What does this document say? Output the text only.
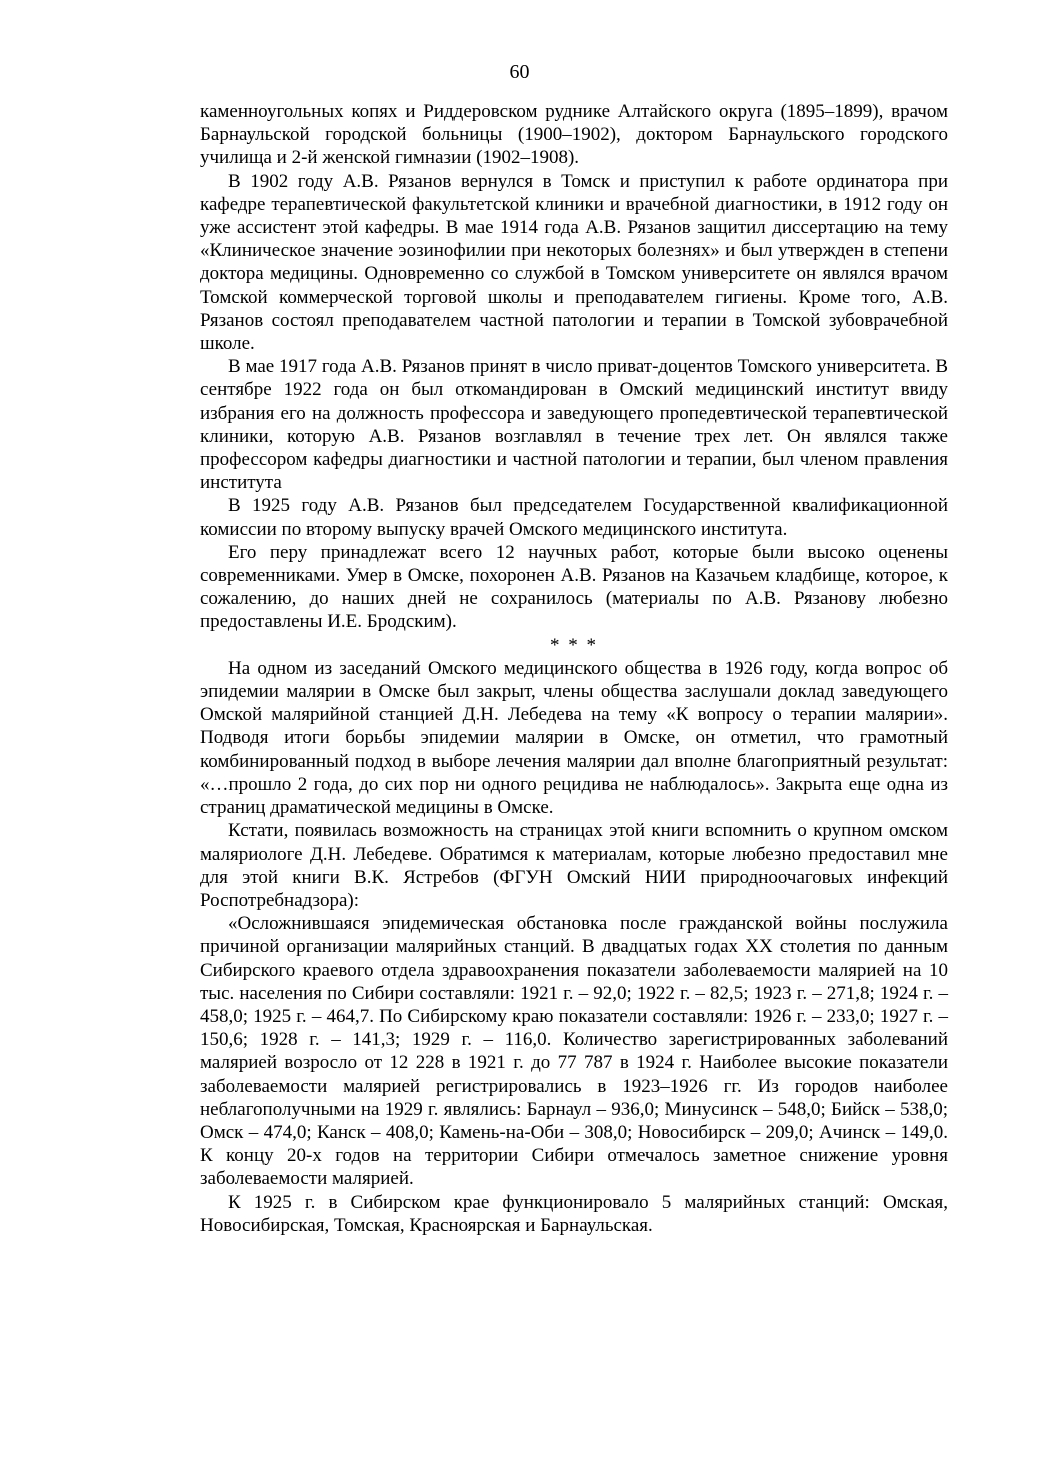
60

каменноугольных копях и Риддеровском руднике Алтайского округа (1895–1899), врачом Барнаульской городской больницы (1900–1902), доктором Барнаульского городского училища и 2-й женской гимназии (1902–1908).

В 1902 году А.В. Рязанов вернулся в Томск и приступил к работе ординатора при кафедре терапевтической факультетской клиники и врачебной диагностики, в 1912 году он уже ассистент этой кафедры. В мае 1914 года А.В. Рязанов защитил диссертацию на тему «Клиническое значение эозинофилии при некоторых болезнях» и был утвержден в степени доктора медицины. Одновременно со службой в Томском университете он являлся врачом Томской коммерческой торговой школы и преподавателем гигиены. Кроме того, А.В. Рязанов состоял преподавателем частной патологии и терапии в Томской зубоврачебной школе.

В мае 1917 года А.В. Рязанов принят в число приват-доцентов Томского университета. В сентябре 1922 года он был откомандирован в Омский медицинский институт ввиду избрания его на должность профессора и заведующего пропедевтической терапевтической клиники, которую А.В. Рязанов возглавлял в течение трех лет. Он являлся также профессором кафедры диагностики и частной патологии и терапии, был членом правления института

В 1925 году А.В. Рязанов был председателем Государственной квалификационной комиссии по второму выпуску врачей Омского медицинского института.

Его перу принадлежат всего 12 научных работ, которые были высоко оценены современниками. Умер в Омске, похоронен А.В. Рязанов на Казачьем кладбище, которое, к сожалению, до наших дней не сохранилось (материалы по А.В. Рязанову любезно предоставлены И.Е. Бродским).

* * *

На одном из заседаний Омского медицинского общества в 1926 году, когда вопрос об эпидемии малярии в Омске был закрыт, члены общества заслушали доклад заведующего Омской малярийной станцией Д.Н. Лебедева на тему «К вопросу о терапии малярии». Подводя итоги борьбы эпидемии малярии в Омске, он отметил, что грамотный комбинированный подход в выборе лечения малярии дал вполне благоприятный результат: «…прошло 2 года, до сих пор ни одного рецидива не наблюдалось». Закрыта еще одна из страниц драматической медицины в Омске.

Кстати, появилась возможность на страницах этой книги вспомнить о крупном омском маляриологе Д.Н. Лебедеве. Обратимся к материалам, которые любезно предоставил мне для этой книги В.К. Ястребов (ФГУН Омский НИИ природноочаговых инфекций Роспотребнадзора):

«Осложнившаяся эпидемическая обстановка после гражданской войны послужила причиной организации малярийных станций. В двадцатых годах XX столетия по данным Сибирского краевого отдела здравоохранения показатели заболеваемости малярией на 10 тыс. населения по Сибири составляли: 1921 г. – 92,0; 1922 г. – 82,5; 1923 г. – 271,8; 1924 г. – 458,0; 1925 г. – 464,7. По Сибирскому краю показатели составляли: 1926 г. – 233,0; 1927 г. – 150,6; 1928 г. – 141,3; 1929 г. – 116,0. Количество зарегистрированных заболеваний малярией возросло от 12 228 в 1921 г. до 77 787 в 1924 г. Наиболее высокие показатели заболеваемости малярией регистрировались в 1923–1926 гг. Из городов наиболее неблагополучными на 1929 г. являлись: Барнаул – 936,0; Минусинск – 548,0; Бийск – 538,0; Омск – 474,0; Канск – 408,0; Камень-на-Оби – 308,0; Новосибирск – 209,0; Ачинск – 149,0. К концу 20-х годов на территории Сибири отмечалось заметное снижение уровня заболеваемости малярией.

К 1925 г. в Сибирском крае функционировало 5 малярийных станций: Омская, Новосибирская, Томская, Красноярская и Барнаульская.
